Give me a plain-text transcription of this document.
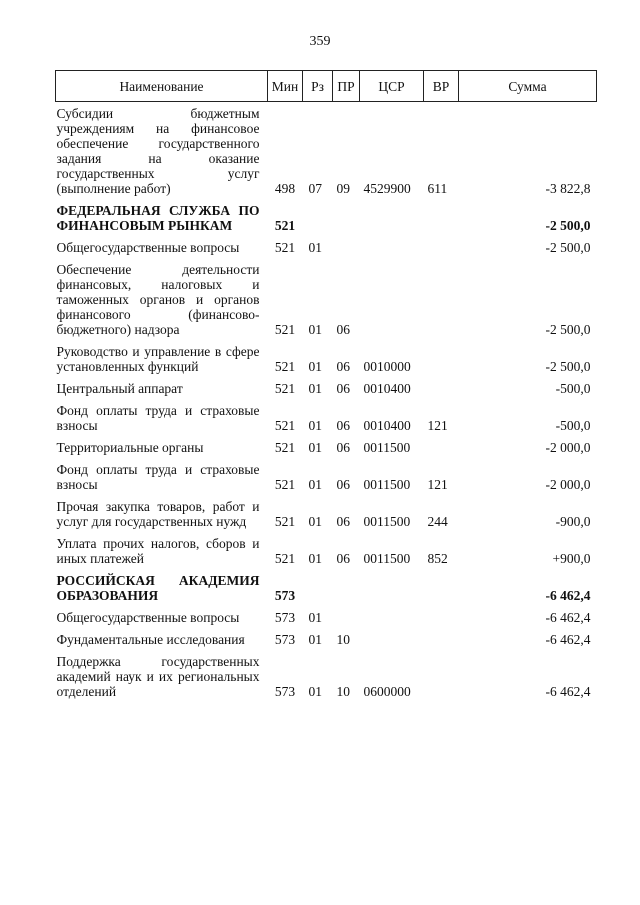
359
Наименование	Мин	Рз	ПР	ЦСР	ВР	Сумма
Субсидии бюджетным учреждениям на финансовое обеспечение государственного задания на оказание государственных услуг (выполнение работ)	498	07	09	4529900	611	-3 822,8
ФЕДЕРАЛЬНАЯ СЛУЖБА ПО ФИНАНСОВЫМ РЫНКАМ	521					-2 500,0
Общегосударственные вопросы	521	01				-2 500,0
Обеспечение деятельности финансовых, налоговых и таможенных органов и органов финансового (финансово-бюджетного) надзора	521	01	06			-2 500,0
Руководство и управление в сфере установленных функций	521	01	06	0010000		-2 500,0
Центральный аппарат	521	01	06	0010400		-500,0
Фонд оплаты труда и страховые взносы	521	01	06	0010400	121	-500,0
Территориальные органы	521	01	06	0011500		-2 000,0
Фонд оплаты труда и страховые взносы	521	01	06	0011500	121	-2 000,0
Прочая закупка товаров, работ и услуг для государственных нужд	521	01	06	0011500	244	-900,0
Уплата прочих налогов, сборов и иных платежей	521	01	06	0011500	852	+900,0
РОССИЙСКАЯ АКАДЕМИЯ ОБРАЗОВАНИЯ	573					-6 462,4
Общегосударственные вопросы	573	01				-6 462,4
Фундаментальные исследования	573	01	10			-6 462,4
Поддержка государственных академий наук и их региональных отделений	573	01	10	0600000		-6 462,4
